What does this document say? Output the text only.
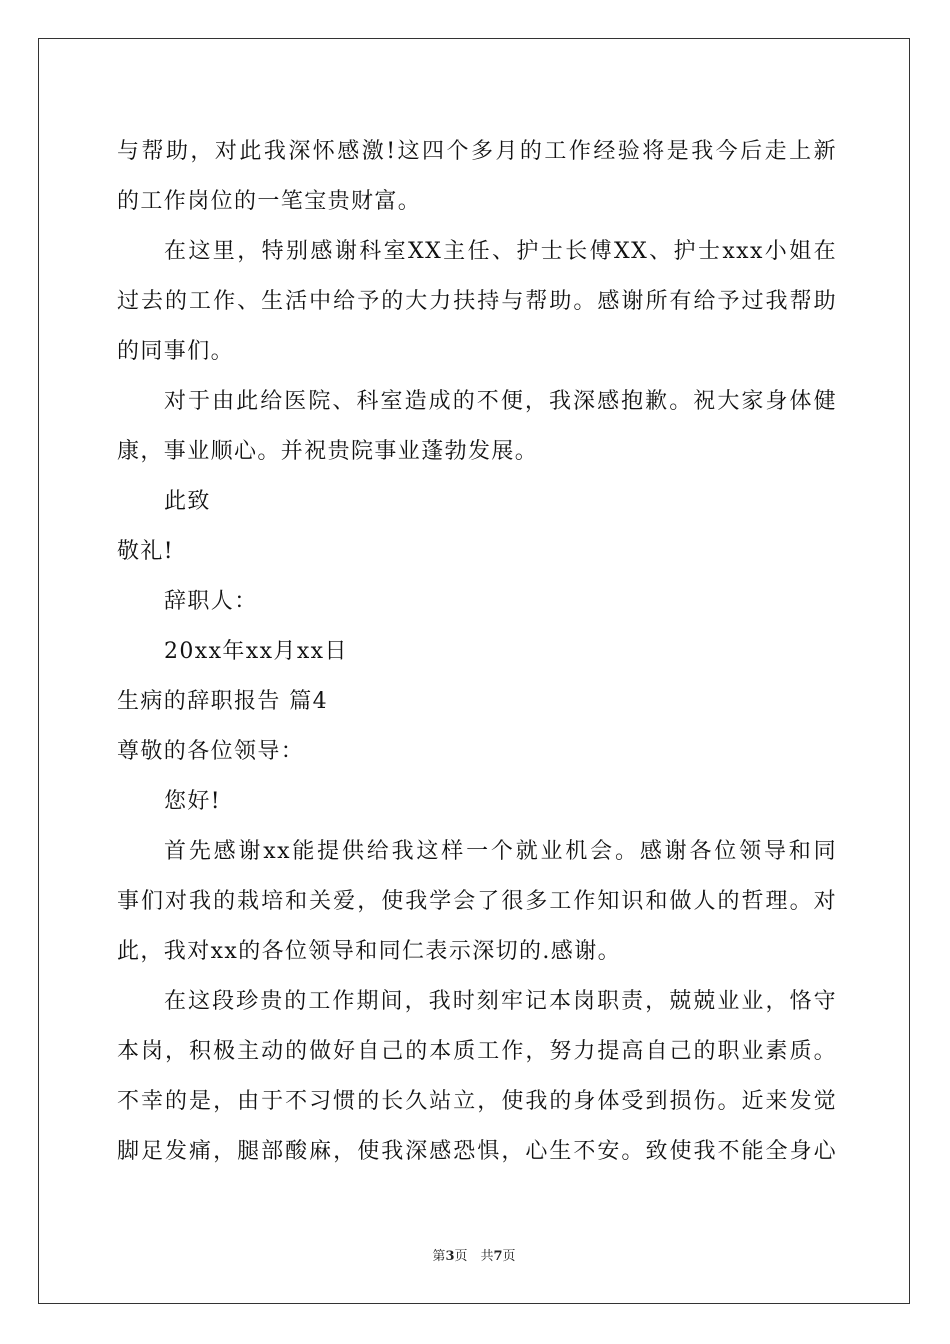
与帮助，对此我深怀感激!这四个多月的工作经验将是我今后走上新
的工作岗位的一笔宝贵财富。
在这里，特别感谢科室XX主任、护士长傅XX、护士xxx小姐在
过去的工作、生活中给予的大力扶持与帮助。感谢所有给予过我帮助
的同事们。
对于由此给医院、科室造成的不便，我深感抱歉。祝大家身体健
康，事业顺心。并祝贵院事业蓬勃发展。
此致
敬礼!
辞职人：
20xx年xx月xx日
生病的辞职报告 篇4
尊敬的各位领导：
您好!
首先感谢xx能提供给我这样一个就业机会。感谢各位领导和同
事们对我的栽培和关爱，使我学会了很多工作知识和做人的哲理。对
此，我对xx的各位领导和同仁表示深切的.感谢。
在这段珍贵的工作期间，我时刻牢记本岗职责，兢兢业业，恪守
本岗，积极主动的做好自己的本质工作，努力提高自己的职业素质。
不幸的是，由于不习惯的长久站立，使我的身体受到损伤。近来发觉
脚足发痛，腿部酸麻，使我深感恐惧，心生不安。致使我不能全身心
第3页　共7页
